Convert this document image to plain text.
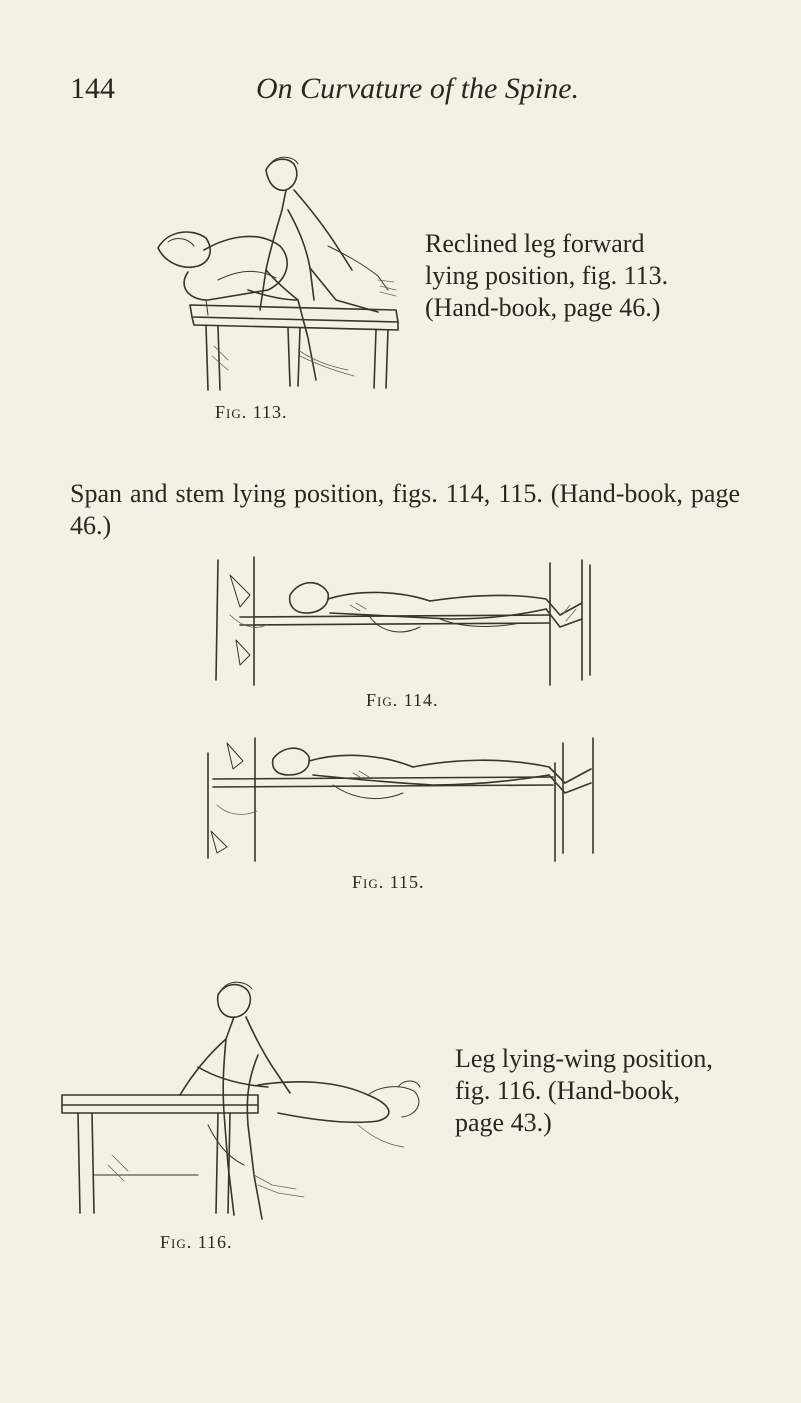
144	On Curvature of the Spine.
Reclined leg forward
lying position, fig. 113.
(Hand-book, page 46.)
Fig. 113.
Span and stem lying position, figs. 114, 115. (Hand-book, page 46.)
Fig. 114.
Fig. 115.
Leg lying-wing position,
fig. 116. (Hand-book,
page 43.)
Fig. 116.
